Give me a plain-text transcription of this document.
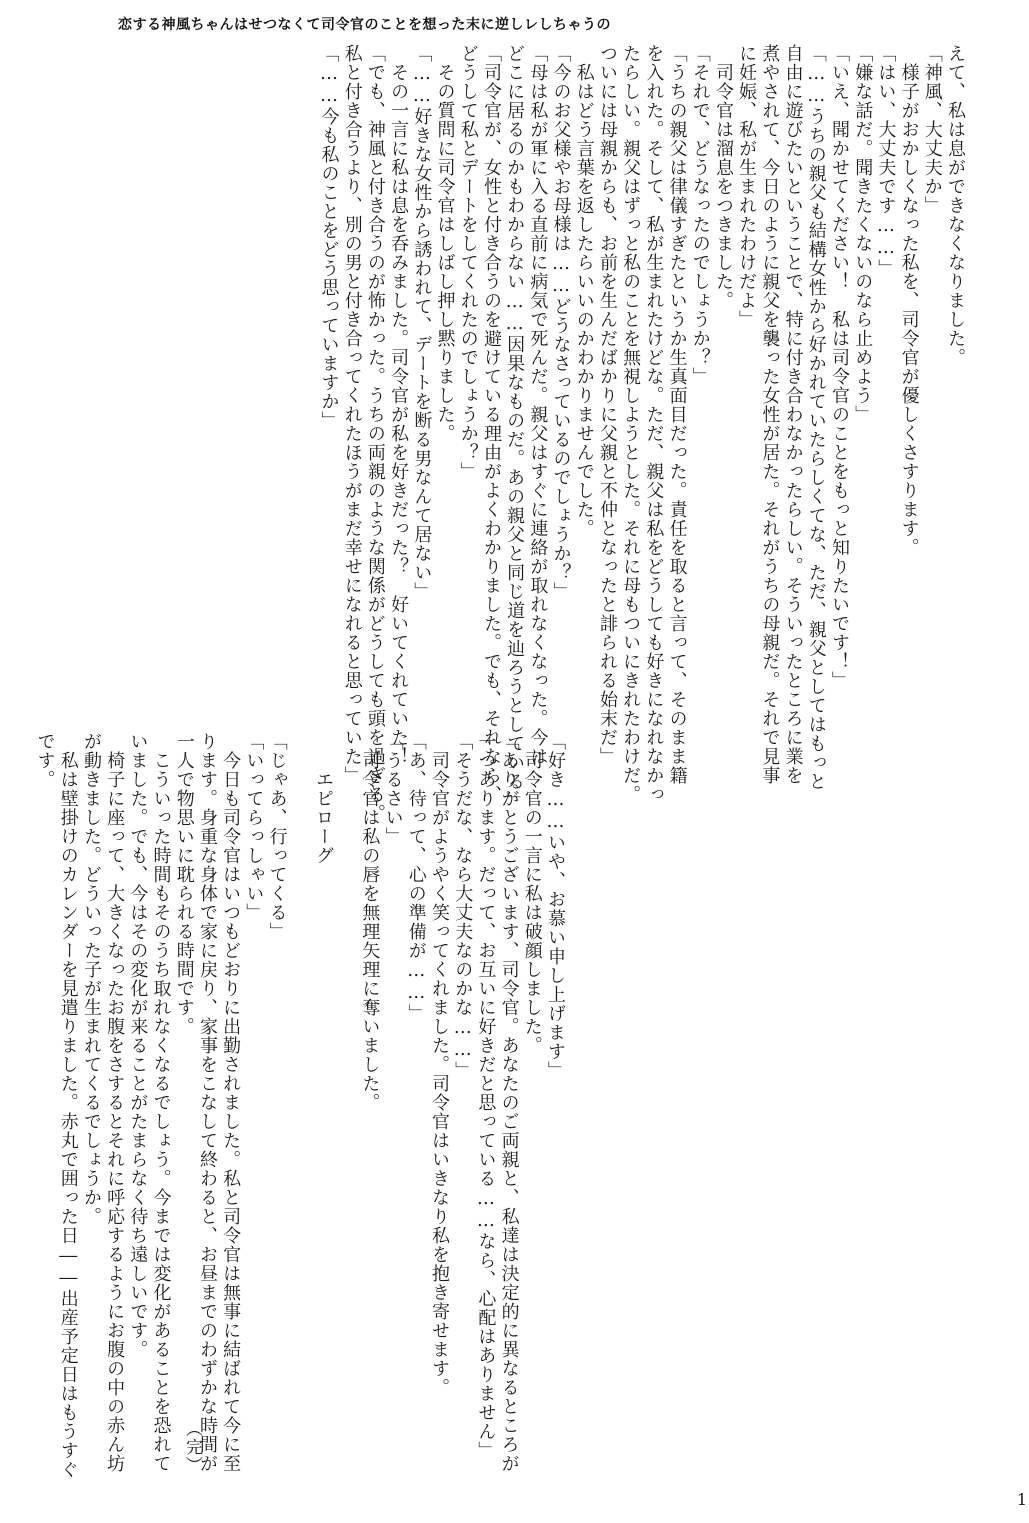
恋する神風ちゃんはせつなくて司令官のことを想った末に逆しレしちゃうの
えて、私は息ができなくなりました。
「神風、大丈夫か」
　様子がおかしくなった私を、司令官が優しくさすります。
「はい、大丈夫です……」
「嫌な話だ。聞きたくないのなら止めよう」
「いえ、聞かせてください！　私は司令官のことをもっと知りたいです！」
「……うちの親父も結構女性から好かれていたらしくてな、ただ、親父としてはもっと
自由に遊びたいということで、特に付き合わなかったらしい。そういったところに業を
煮やされて、今日のように親父を襲った女性が居た。それがうちの母親だ。それで見事
に妊娠、私が生まれたわけだよ」
　司令官は溜息をつきました。
「それで、どうなったのでしょうか？」
「うちの親父は律儀すぎたというか生真面目だった。責任を取ると言って、そのまま籍
を入れた。そして、私が生まれたけどな。ただ、親父は私をどうしても好きになれなかっ
たらしい。親父はずっと私のことを無視しようとした。それに母もついにきれたわけだ。
ついには母親からも、お前を生んだばかりに父親と不仲となったと誹られる始末だ」
　私はどう言葉を返したらいいのかわかりませんでした。
「今のお父様やお母様は……どうなさっているのでしょうか？」
「母は私が軍に入る直前に病気で死んだ。親父はすぐに連絡が取れなくなった。今は
どこに居るのかもわからない……因果なものだ。あの親父と同じ道を辿ろうとしている」
「司令官が、女性と付き合うのを避けている理由がよくわかりました。でも、それなら、
どうして私とデートをしてくれたのでしょうか？」
　その質問に司令官はしばし押し黙りました。
「……好きな女性から誘われて、デートを断る男なんて居ない」
　その一言に私は息を呑みました。司令官が私を好きだった？　好いてくれていた！
「でも、神風と付き合うのが怖かった。うちの両親のような関係がどうしても頭を過ぎる。
私と付き合うより、別の男と付き合ってくれたほうがまだ幸せになれると思っていた」
「……今も私のことをどう思っていますか」
「好き……いや、お慕い申し上げます」
　司令官の一言に私は破顔しました。
「ありがとうございます、司令官。あなたのご両親と、私達は決定的に異なるところが
一つあります。だって、お互いに好きだと思っている……なら、心配はありません」
「そうだな、なら大丈夫なのかな……」
　司令官がようやく笑ってくれました。司令官はいきなり私を抱き寄せます。
「あ、待って、心の準備が……」
「うるさい」
　司令官は私の唇を無理矢理に奪いました。

　　エピローグ

「じゃあ、行ってくる」
「いってらっしゃい」
　今日も司令官はいつもどおりに出勤されました。私と司令官は無事に結ばれて今に至
ります。身重な身体で家に戻り、家事をこなして終わると、お昼までのわずかな時間が
一人で物思いに耽られる時間です。
　こういった時間もそのうち取れなくなるでしょう。今までは変化があることを恐れて
いました。でも、今はその変化が来ることがたまらなく待ち遠しいです。
　椅子に座って、大きくなったお腹をさするとそれに呼応するようにお腹の中の赤ん坊
が動きました。どういった子が生まれてくるでしょうか。
　私は壁掛けのカレンダーを見遣りました。赤丸で囲った日――出産予定日はもうすぐ
です。
（完）
1
